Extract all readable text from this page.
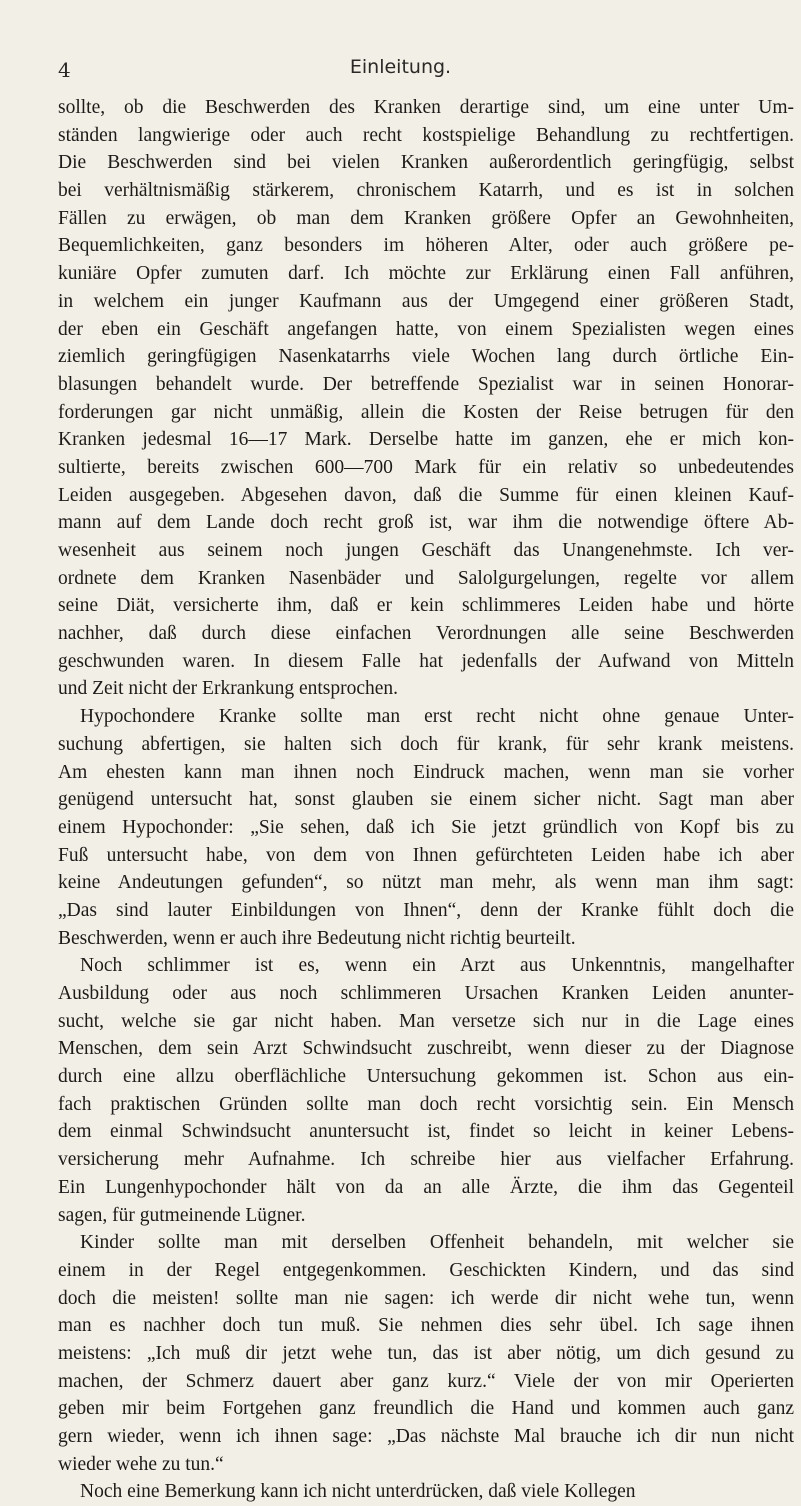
4	Einleitung.
sollte, ob die Beschwerden des Kranken derartige sind, um eine unter Um-
ständen langwierige oder auch recht kostspielige Behandlung zu rechtfertigen.
Die Beschwerden sind bei vielen Kranken außerordentlich geringfügig, selbst
bei verhältnismäßig stärkerem, chronischem Katarrh, und es ist in solchen
Fällen zu erwägen, ob man dem Kranken größere Opfer an Gewohnheiten,
Bequemlichkeiten, ganz besonders im höheren Alter, oder auch größere pe-
kuniäre Opfer zumuten darf. Ich möchte zur Erklärung einen Fall anführen,
in welchem ein junger Kaufmann aus der Umgegend einer größeren Stadt,
der eben ein Geschäft angefangen hatte, von einem Spezialisten wegen eines
ziemlich geringfügigen Nasenkatarrhs viele Wochen lang durch örtliche Ein-
blasungen behandelt wurde. Der betreffende Spezialist war in seinen Honorar-
forderungen gar nicht unmäßig, allein die Kosten der Reise betrugen für den
Kranken jedesmal 16—17 Mark. Derselbe hatte im ganzen, ehe er mich kon-
sultierte, bereits zwischen 600—700 Mark für ein relativ so unbedeutendes
Leiden ausgegeben. Abgesehen davon, daß die Summe für einen kleinen Kauf-
mann auf dem Lande doch recht groß ist, war ihm die notwendige öftere Ab-
wesenheit aus seinem noch jungen Geschäft das Unangenehmste. Ich ver-
ordnete dem Kranken Nasenbäder und Salolgurgelungen, regelte vor allem
seine Diät, versicherte ihm, daß er kein schlimmeres Leiden habe und hörte
nachher, daß durch diese einfachen Verordnungen alle seine Beschwerden
geschwunden waren. In diesem Falle hat jedenfalls der Aufwand von Mitteln
und Zeit nicht der Erkrankung entsprochen.
Hypochondere Kranke sollte man erst recht nicht ohne genaue Unter-
suchung abfertigen, sie halten sich doch für krank, für sehr krank meistens.
Am ehesten kann man ihnen noch Eindruck machen, wenn man sie vorher
genügend untersucht hat, sonst glauben sie einem sicher nicht. Sagt man aber
einem Hypochonder: „Sie sehen, daß ich Sie jetzt gründlich von Kopf bis zu
Fuß untersucht habe, von dem von Ihnen gefürchteten Leiden habe ich aber
keine Andeutungen gefunden“, so nützt man mehr, als wenn man ihm sagt:
„Das sind lauter Einbildungen von Ihnen“, denn der Kranke fühlt doch die
Beschwerden, wenn er auch ihre Bedeutung nicht richtig beurteilt.
Noch schlimmer ist es, wenn ein Arzt aus Unkenntnis, mangelhafter
Ausbildung oder aus noch schlimmeren Ursachen Kranken Leiden anunter-
sucht, welche sie gar nicht haben. Man versetze sich nur in die Lage eines
Menschen, dem sein Arzt Schwindsucht zuschreibt, wenn dieser zu der Diagnose
durch eine allzu oberflächliche Untersuchung gekommen ist. Schon aus ein-
fach praktischen Gründen sollte man doch recht vorsichtig sein. Ein Mensch
dem einmal Schwindsucht anuntersucht ist, findet so leicht in keiner Lebens-
versicherung mehr Aufnahme. Ich schreibe hier aus vielfacher Erfahrung.
Ein Lungenhypochonder hält von da an alle Ärzte, die ihm das Gegenteil
sagen, für gutmeinende Lügner.
Kinder sollte man mit derselben Offenheit behandeln, mit welcher sie
einem in der Regel entgegenkommen. Geschickten Kindern, und das sind
doch die meisten! sollte man nie sagen: ich werde dir nicht wehe tun, wenn
man es nachher doch tun muß. Sie nehmen dies sehr übel. Ich sage ihnen
meistens: „Ich muß dir jetzt wehe tun, das ist aber nötig, um dich gesund zu
machen, der Schmerz dauert aber ganz kurz.“ Viele der von mir Operierten
geben mir beim Fortgehen ganz freundlich die Hand und kommen auch ganz
gern wieder, wenn ich ihnen sage: „Das nächste Mal brauche ich dir nun nicht
wieder wehe zu tun.“
Noch eine Bemerkung kann ich nicht unterdrücken, daß viele Kollegen
